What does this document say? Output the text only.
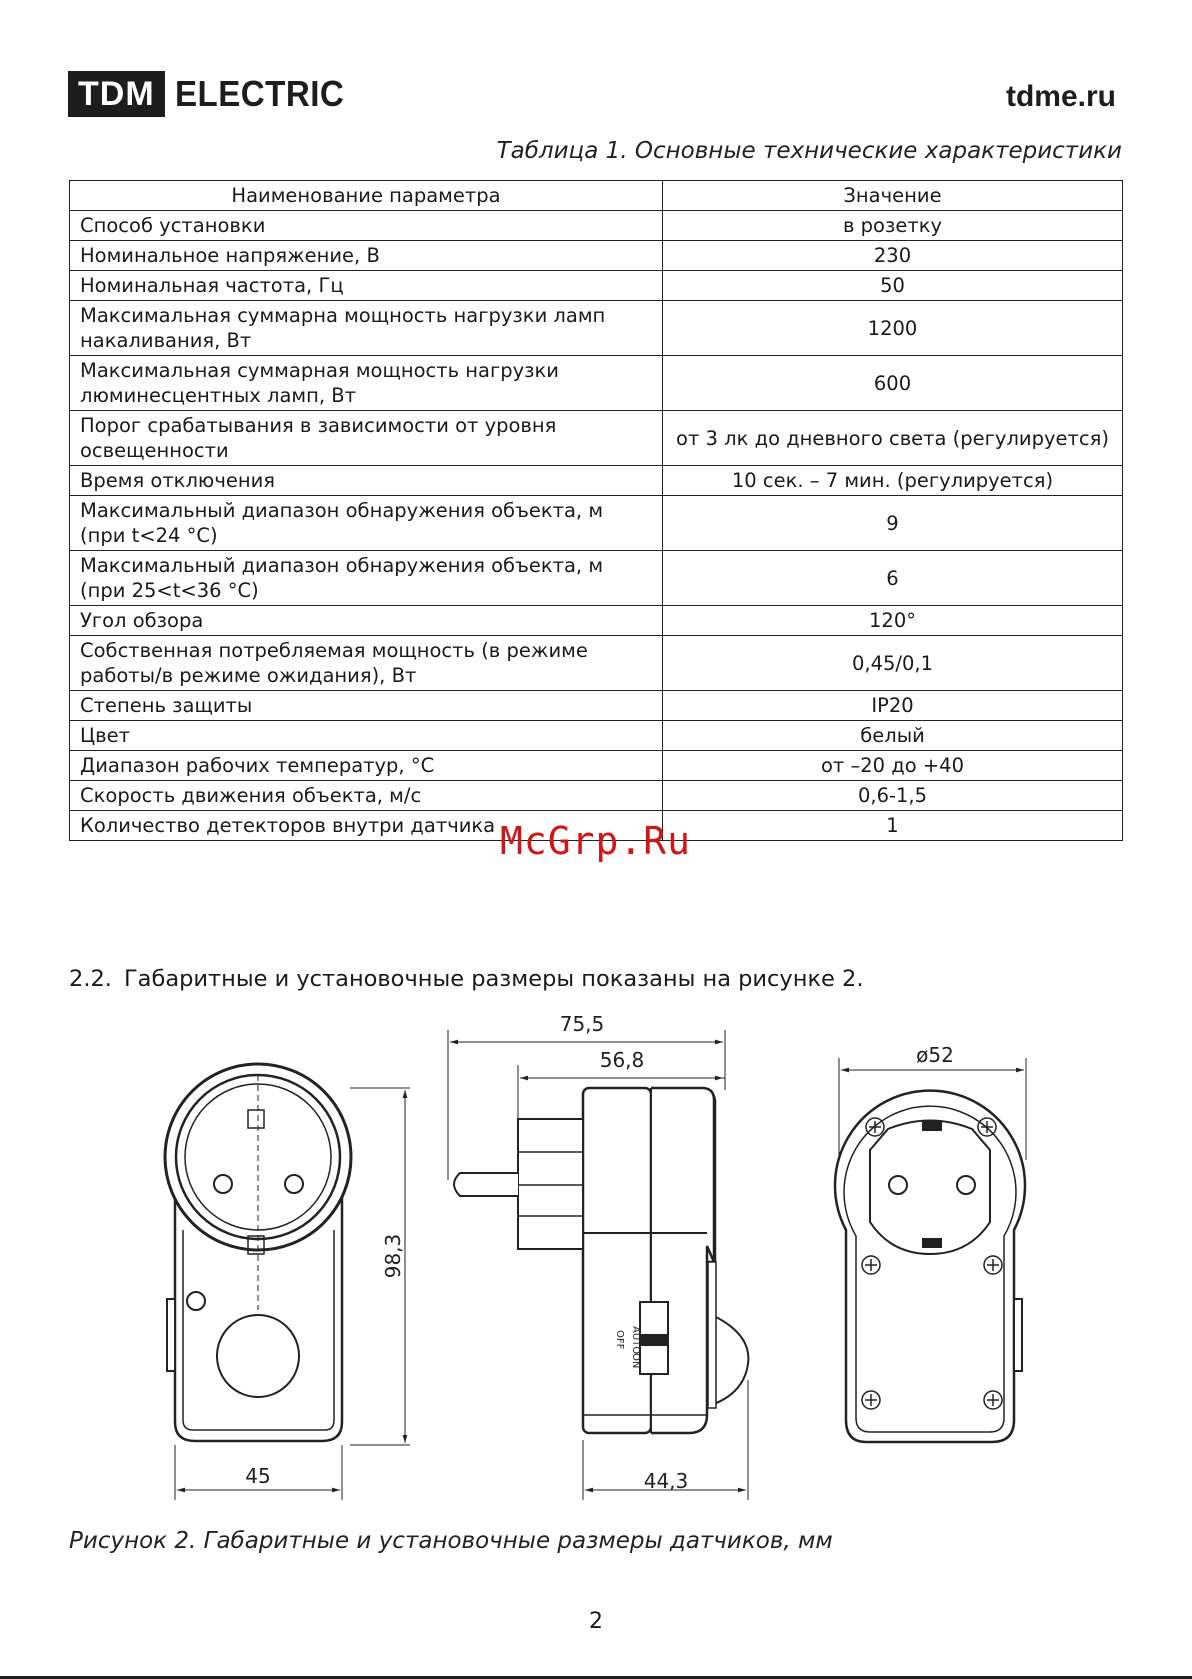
TDM ELECTRIC	tdme.ru
Таблица 1. Основные технические характеристики
Наименование параметра	Значение
Способ установки	в розетку
Номинальное напряжение, В	230
Номинальная частота, Гц	50
Максимальная суммарна мощность нагрузки ламп накаливания, Вт	1200
Максимальная суммарная мощность нагрузки люминесцентных ламп, Вт	600
Порог срабатывания в зависимости от уровня освещенности	от 3 лк до дневного света (регулируется)
Время отключения	10 сек. – 7 мин. (регулируется)
Максимальный диапазон обнаружения объекта, м (при t<24 °C)	9
Максимальный диапазон обнаружения объекта, м (при 25<t<36 °C)	6
Угол обзора	120°
Собственная потребляемая мощность (в режиме работы/в режиме ожидания), Вт	0,45/0,1
Степень защиты	IP20
Цвет	белый
Диапазон рабочих температур, °C	от –20 до +40
Скорость движения объекта, м/с	0,6-1,5
Количество детекторов внутри датчика	1
2.2. Габаритные и установочные размеры показаны на рисунке 2.
98,3
45
AUTO
OFF
ON
75,5
56,8
44,3
ø52
McGrp.Ru
Рисунок 2. Габаритные и установочные размеры датчиков, мм
2
